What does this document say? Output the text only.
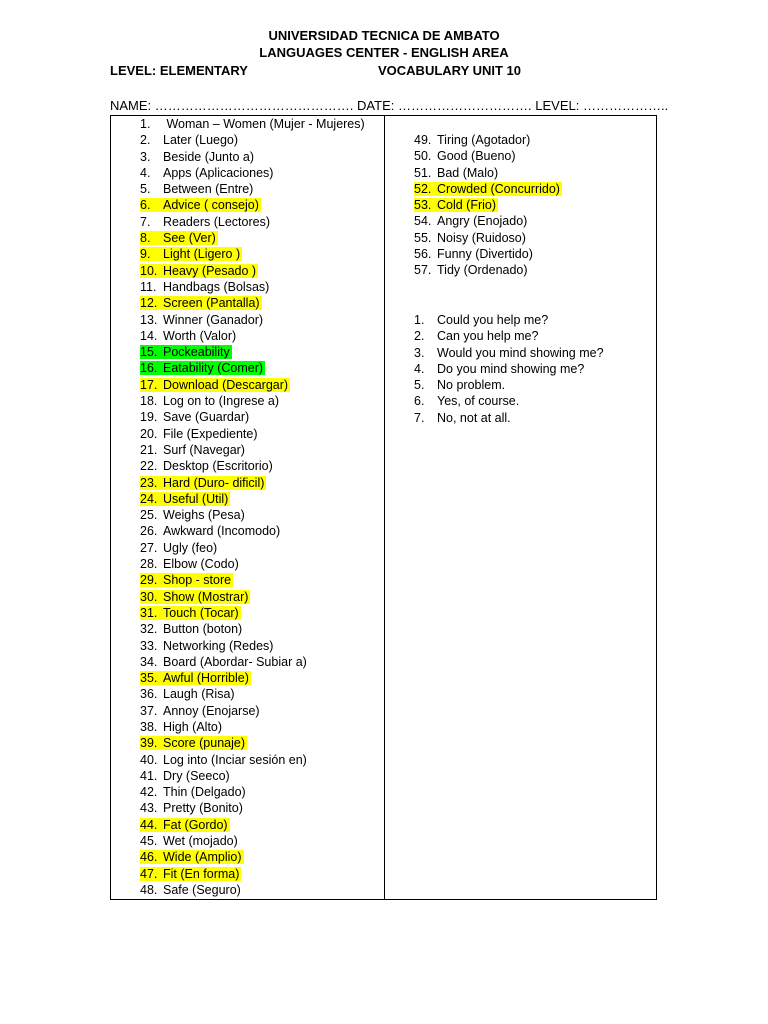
UNIVERSIDAD TECNICA DE AMBATO
LANGUAGES CENTER - ENGLISH AREA
LEVEL: ELEMENTARY	VOCABULARY UNIT 10
NAME: ………………………………………. DATE: …………………………. LEVEL: ………………..
1. Woman – Women (Mujer - Mujeres)
2. Later (Luego)
3. Beside (Junto a)
4. Apps (Aplicaciones)
5. Between (Entre)
6. Advice ( consejo)
7. Readers (Lectores)
8. See (Ver)
9. Light (Ligero )
10. Heavy (Pesado )
11. Handbags (Bolsas)
12. Screen (Pantalla)
13. Winner (Ganador)
14. Worth (Valor)
15. Pockeability
16. Eatability (Comer)
17. Download (Descargar)
18. Log on to (Ingrese a)
19. Save (Guardar)
20. File (Expediente)
21. Surf (Navegar)
22. Desktop (Escritorio)
23. Hard (Duro- dificil)
24. Useful (Util)
25. Weighs (Pesa)
26. Awkward (Incomodo)
27. Ugly (feo)
28. Elbow (Codo)
29. Shop - store
30. Show (Mostrar)
31. Touch (Tocar)
32. Button (boton)
33. Networking (Redes)
34. Board (Abordar- Subiar a)
35. Awful (Horrible)
36. Laugh (Risa)
37. Annoy (Enojarse)
38. High (Alto)
39. Score (punaje)
40. Log into (Inciar sesión en)
41. Dry (Seeco)
42. Thin (Delgado)
43. Pretty (Bonito)
44. Fat (Gordo)
45. Wet (mojado)
46. Wide (Amplio)
47. Fit (En forma)
48. Safe (Seguro)
49. Tiring (Agotador)
50. Good (Bueno)
51. Bad (Malo)
52. Crowded (Concurrido)
53. Cold (Frio)
54. Angry (Enojado)
55. Noisy (Ruidoso)
56. Funny (Divertido)
57. Tidy (Ordenado)
1. Could you help me?
2. Can you help me?
3. Would you mind showing me?
4. Do you mind showing me?
5. No problem.
6. Yes, of course.
7. No, not at all.
